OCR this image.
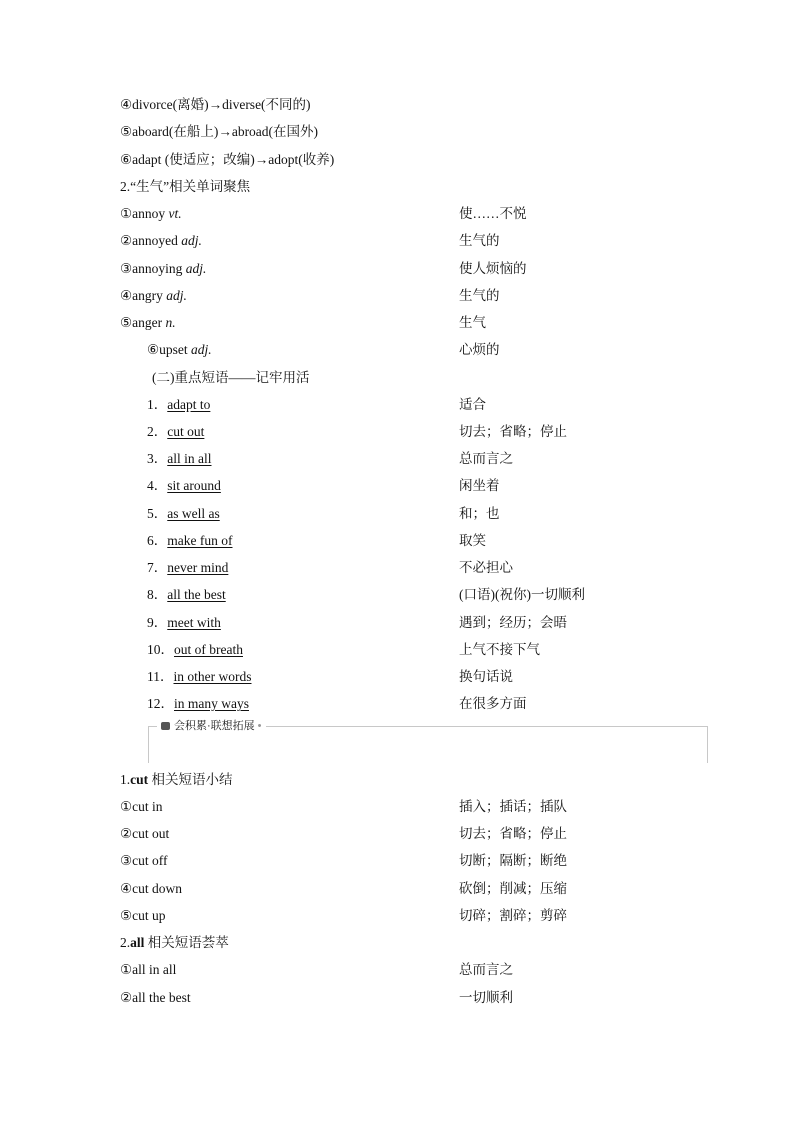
④divorce(离婚)→diverse(不同的)
⑤aboard(在船上)→abroad(在国外)
⑥adapt (使适应；改编)→adopt(收养)
2.“生气”相关单词聚焦
①annoy vt.	使……不悦
②annoyed adj.	生气的
③annoying adj.	使人烦恼的
④angry adj.	生气的
⑤anger n.	生气
⑥upset adj.	心烦的
(二)重点短语——记牢用活
1．adapt to	适合
2．cut out	切去；省略；停止
3．all in all	总而言之
4．sit around	闲坐着
5．as well as	和；也
6．make fun of	取笑
7．never mind	不必担心
8．all the best	(口语)(祝你)一切顺利
9．meet with	遇到；经历；会晤
10．out of breath	上气不接下气
11．in other words	换句话说
12．in many ways	在很多方面
会积累·联想拓展 •
1.cut 相关短语小结
①cut in	插入；插话；插队
②cut out	切去；省略；停止
③cut off	切断；隔断；断绝
④cut down	砍倒；削减；压缩
⑤cut up	切碎；割碎；剪碎
2.all 相关短语荟萃
①all in all	总而言之
②all the best	一切顺利
